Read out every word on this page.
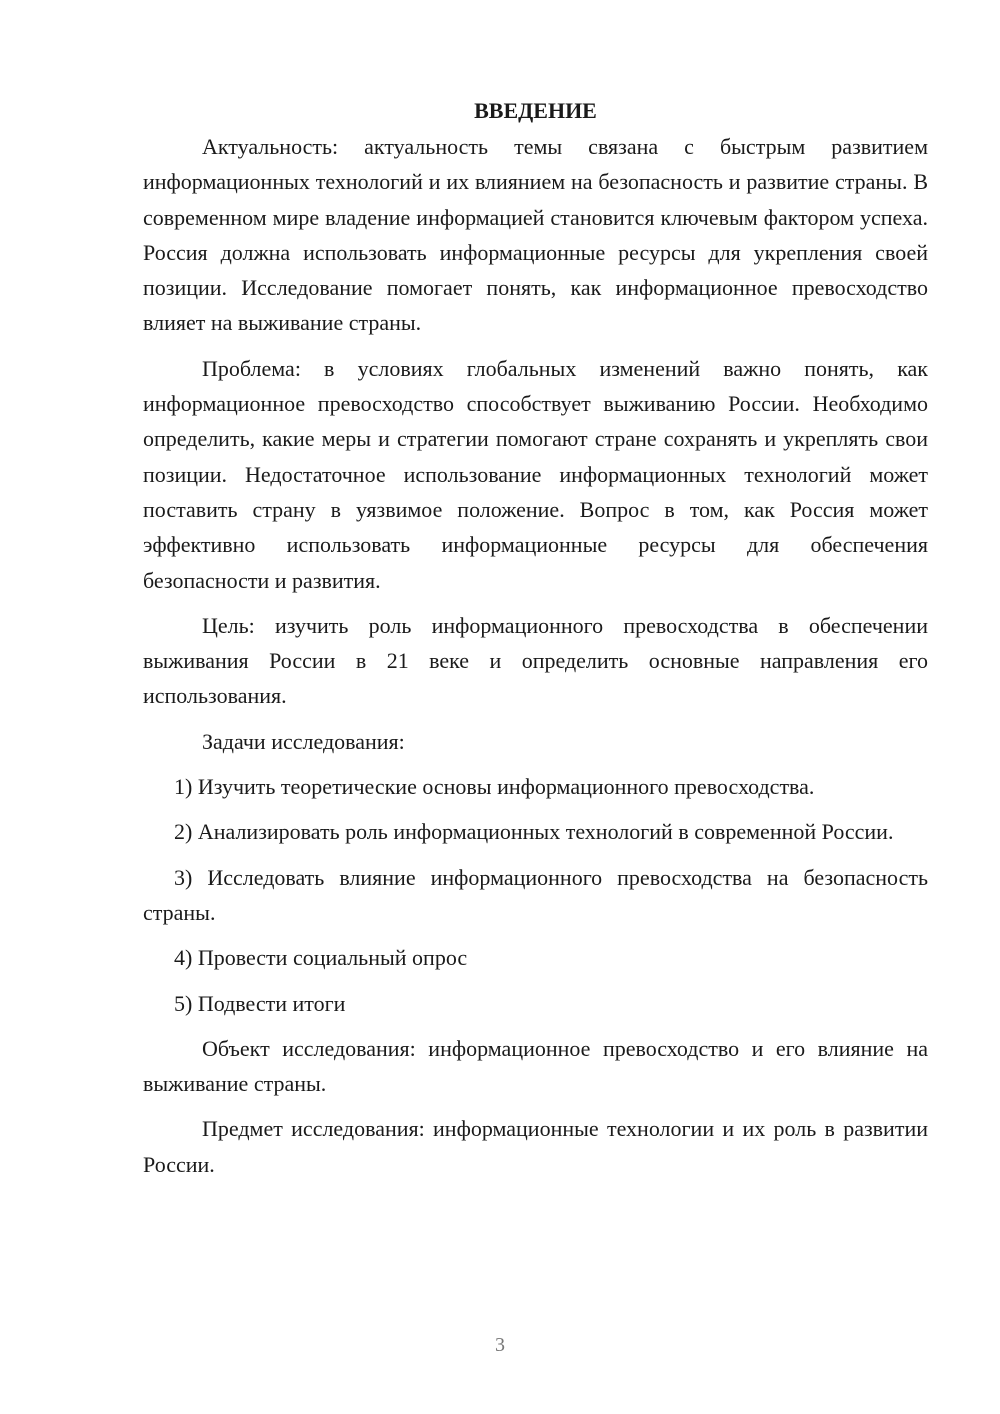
ВВЕДЕНИЕ

Актуальность: актуальность темы связана с быстрым развитием информационных технологий и их влиянием на безопасность и развитие страны. В современном мире владение информацией становится ключевым фактором успеха. Россия должна использовать информационные ресурсы для укрепления своей позиции. Исследование помогает понять, как информационное превосходство влияет на выживание страны.

Проблема: в условиях глобальных изменений важно понять, как информационное превосходство способствует выживанию России. Необходимо определить, какие меры и стратегии помогают стране сохранять и укреплять свои позиции. Недостаточное использование информационных технологий может поставить страну в уязвимое положение. Вопрос в том, как Россия может эффективно использовать информационные ресурсы для обеспечения безопасности и развития.

Цель: изучить роль информационного превосходства в обеспечении выживания России в 21 веке и определить основные направления его использования.

Задачи исследования:

1) Изучить теоретические основы информационного превосходства.

2) Анализировать роль информационных технологий в современной России.

3) Исследовать влияние информационного превосходства на безопасность страны.

4) Провести социальный опрос

5) Подвести итоги

Объект исследования: информационное превосходство и его влияние на выживание страны.

Предмет исследования: информационные технологии и их роль в развитии России.

3
